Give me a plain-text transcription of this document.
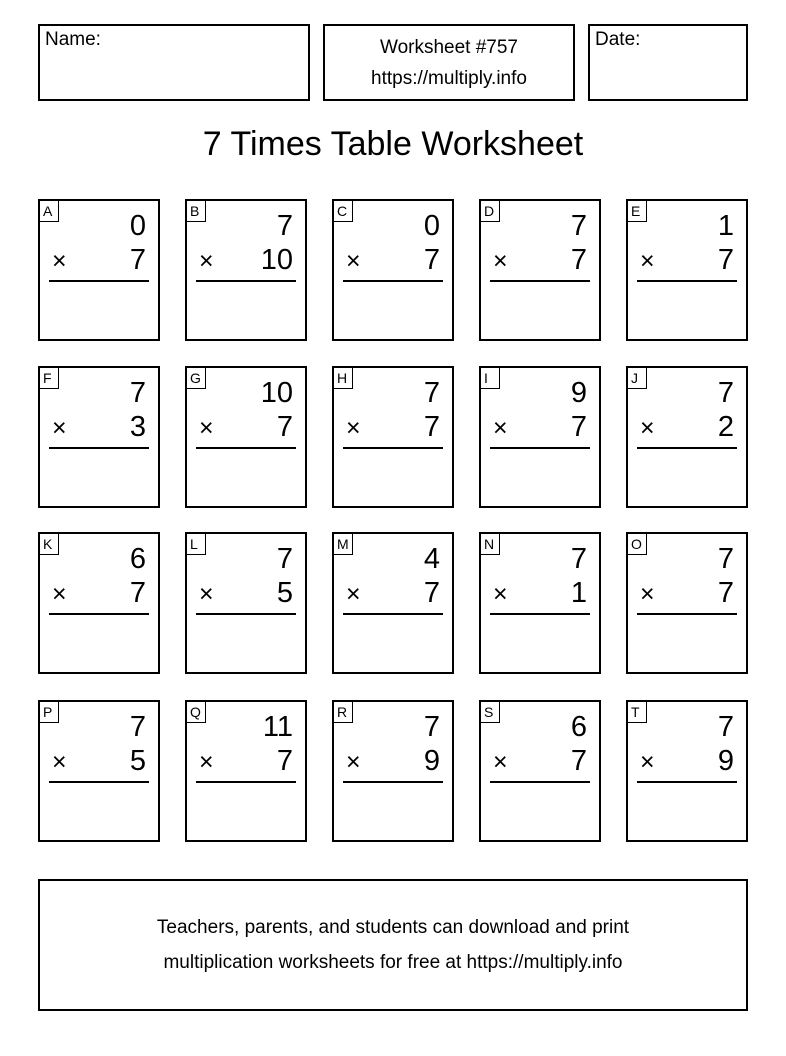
Name:	Worksheet #757
https://multiply.info
Date:
7 Times Table Worksheet
A	0
× 7
B	7
× 10
C	0
× 7
D	7
× 7
E	1
× 7
F	7
× 3
G 10
× 7
H	7
× 7
I	9
× 7
J	7
× 2
K	6
× 7
L	7
× 5
M	4
× 7
N	7
× 1
O	7
× 7
P	7
× 5
Q 11
× 7
R	7
× 9
S	6
× 7
T	7
× 9
Teachers, parents, and students can download and print
multiplication worksheets for free at https://multiply.info
